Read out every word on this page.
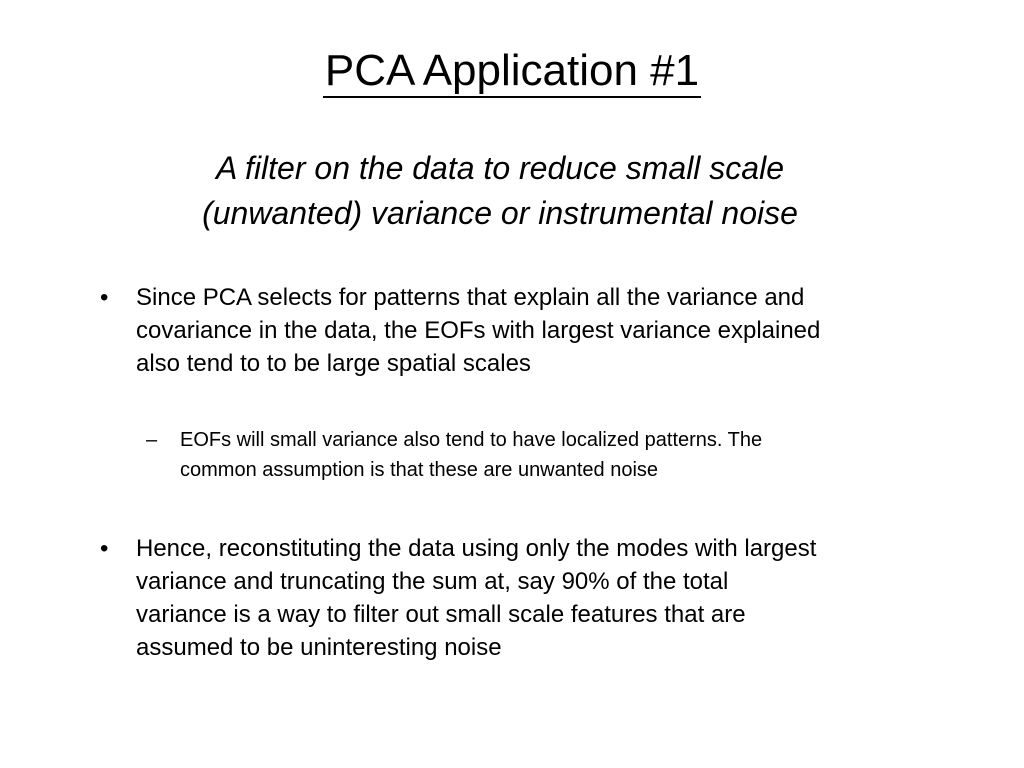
PCA Application #1
A filter on the data to reduce small scale
(unwanted) variance or instrumental noise
•	Since PCA selects for patterns that explain all the variance and
covariance in the data, the EOFs with largest variance explained
also tend to to be large spatial scales
–	EOFs will small variance also tend to have localized patterns. The
common assumption is that these are unwanted noise
•	Hence, reconstituting the data using only the modes with largest
variance and truncating the sum at, say 90% of the total
variance is a way to filter out small scale features that are
assumed to be uninteresting noise
